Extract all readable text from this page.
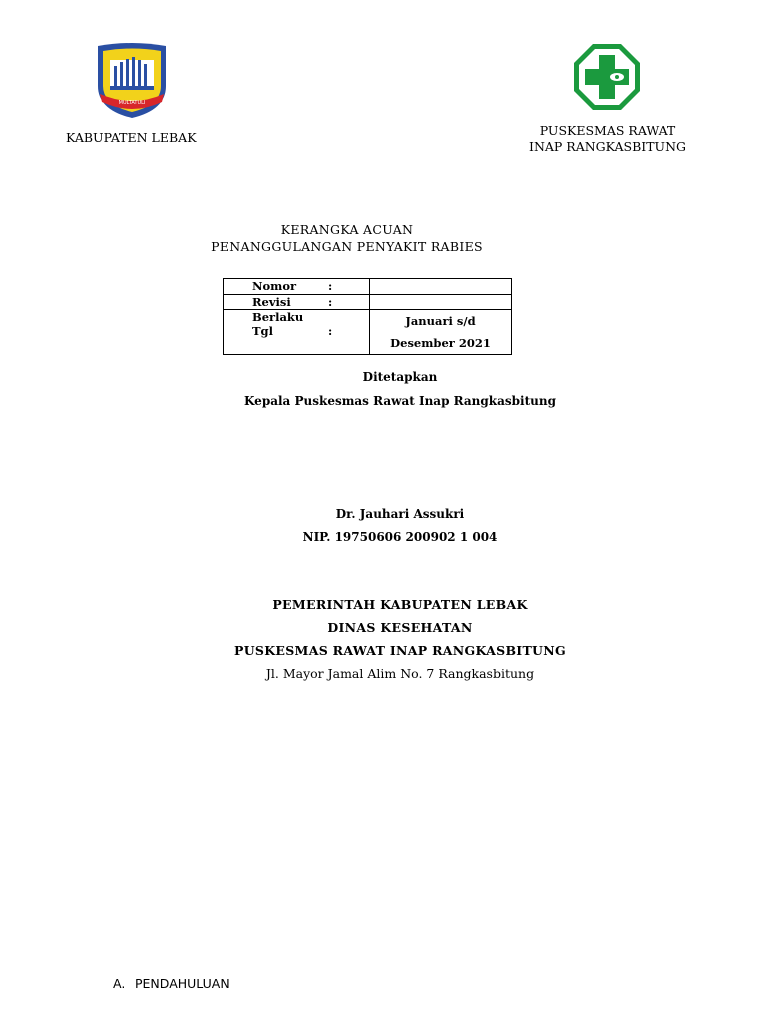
MULTATULI
KABUPATEN LEBAK	PUSKESMAS RAWAT
INAP RANGKASBITUNG
KERANGKA ACUAN
PENANGGULANGAN PENYAKIT RABIES
Nomor :	
Revisi :	
Berlaku Tgl :	Januari s/d
Desember 2021
Ditetapkan
Kepala Puskesmas Rawat Inap Rangkasbitung
Dr. Jauhari Assukri
NIP. 19750606 200902 1 004
PEMERINTAH KABUPATEN LEBAK
DINAS KESEHATAN
PUSKESMAS RAWAT INAP RANGKASBITUNG
Jl. Mayor Jamal Alim No. 7 Rangkasbitung
A. PENDAHULUAN
